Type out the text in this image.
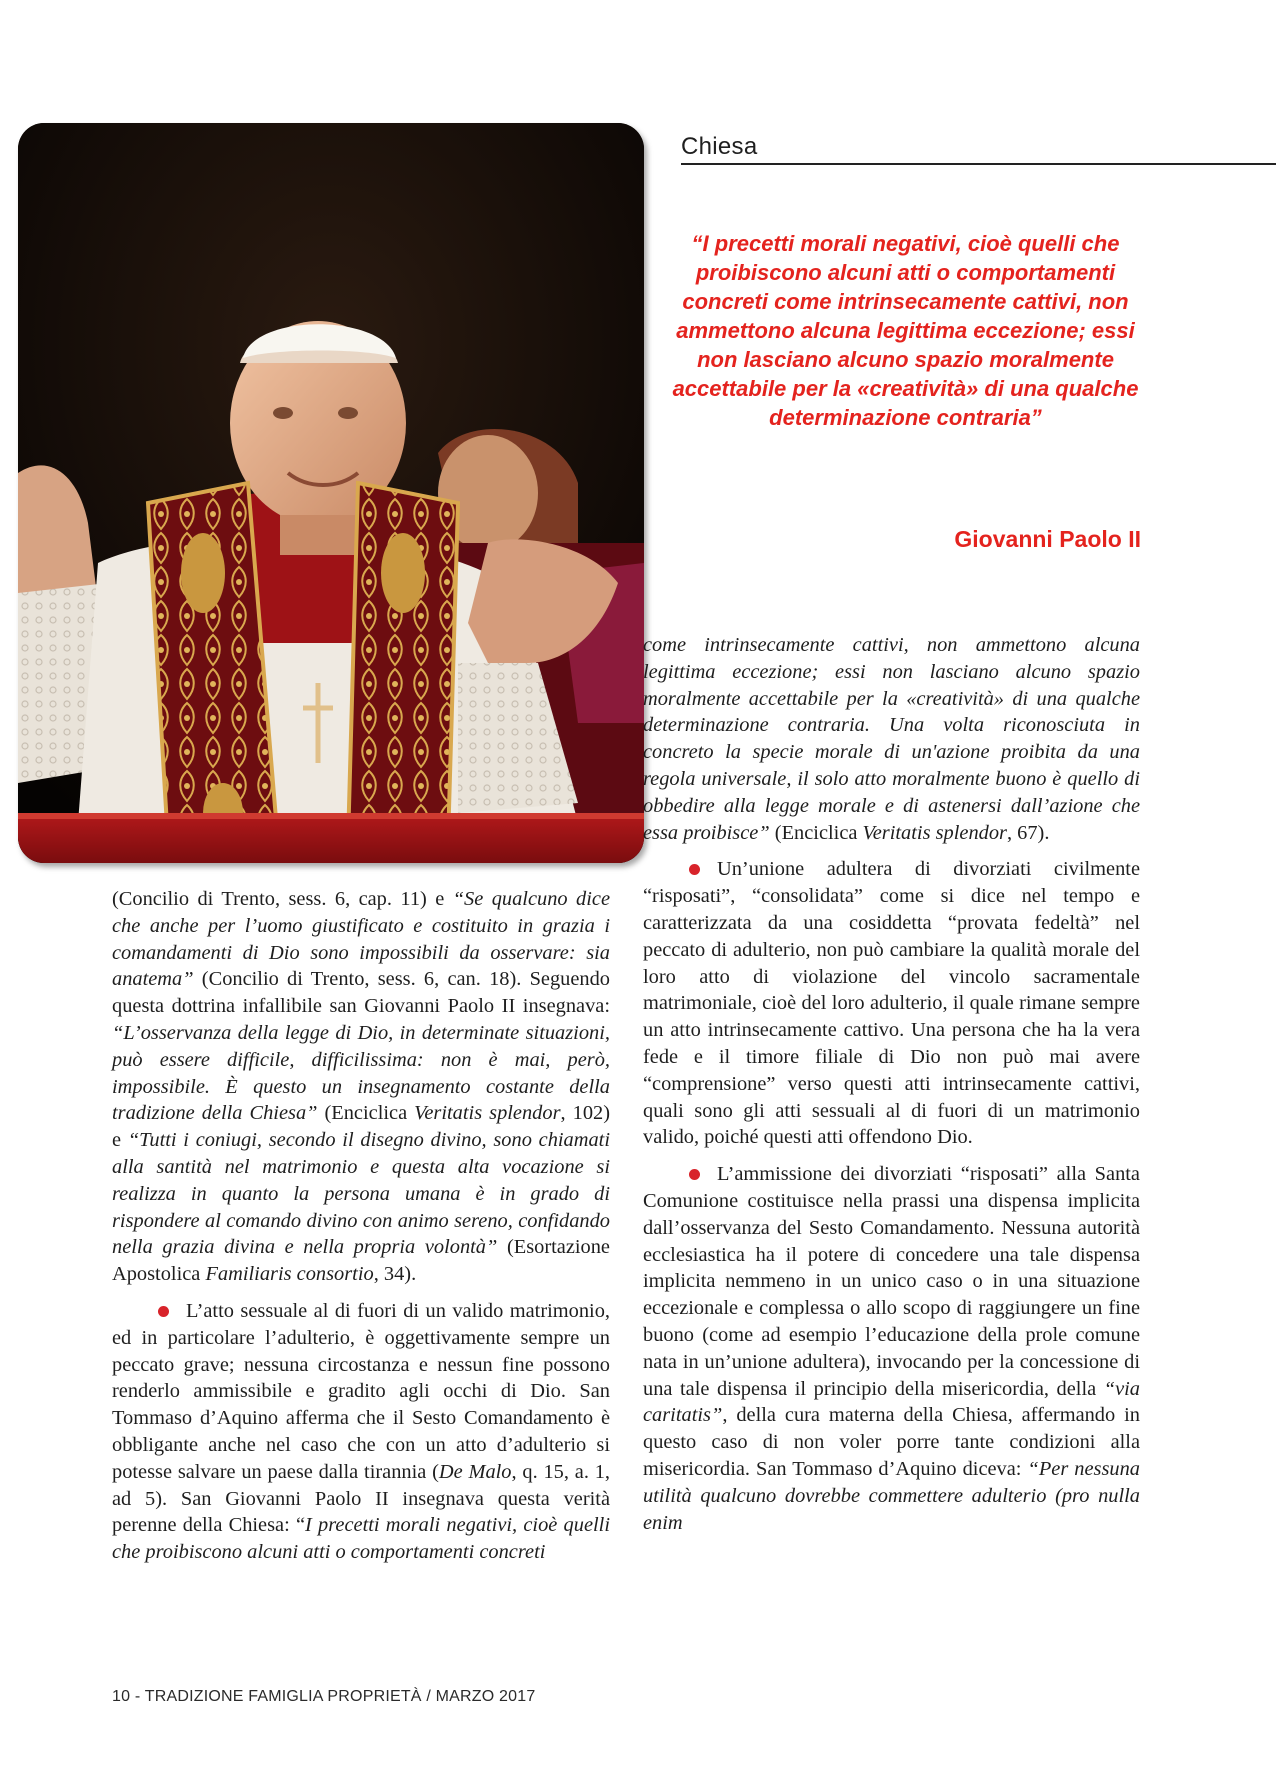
Chiesa

“I precetti morali negativi, cioè quelli che proibiscono alcuni atti o comportamenti concreti come intrinsecamente cattivi, non ammettono alcuna legittima eccezione; essi non lasciano alcuno spazio moralmente accettabile per la «creatività» di una qualche determinazione contraria”

Giovanni Paolo II

(Concilio di Trento, sess. 6, cap. 11) e “Se qualcuno dice che anche per l’uomo giustificato e costituito in grazia i comandamenti di Dio sono impossibili da osservare: sia anatema” (Concilio di Trento, sess. 6, can. 18). Seguendo questa dottrina infallibile san Giovanni Paolo II insegnava: “L’osservanza della legge di Dio, in determinate situazioni, può essere difficile, difficilissima: non è mai, però, impossibile. È questo un insegnamento costante della tradizione della Chiesa” (Enciclica Veritatis splendor, 102) e “Tutti i coniugi, secondo il disegno divino, sono chiamati alla santità nel matrimonio e questa alta vocazione si realizza in quanto la persona umana è in grado di rispondere al comando divino con animo sereno, confidando nella grazia divina e nella propria volontà” (Esortazione Apostolica Familiaris consortio, 34).

L’atto sessuale al di fuori di un valido matrimonio, ed in particolare l’adulterio, è oggettivamente sempre un peccato grave; nessuna circostanza e nessun fine possono renderlo ammissibile e gradito agli occhi di Dio. San Tommaso d’Aquino afferma che il Sesto Comandamento è obbligante anche nel caso che con un atto d’adulterio si potesse salvare un paese dalla tirannia (De Malo, q. 15, a. 1, ad 5). San Giovanni Paolo II insegnava questa verità perenne della Chiesa: “I precetti morali negativi, cioè quelli che proibiscono alcuni atti o comportamenti concreti

come intrinsecamente cattivi, non ammettono alcuna legittima eccezione; essi non lasciano alcuno spazio moralmente accettabile per la «creatività» di una qualche determinazione contraria. Una volta riconosciuta in concreto la specie morale di un'azione proibita da una regola universale, il solo atto moralmente buono è quello di obbedire alla legge morale e di astenersi dall’azione che essa proibisce” (Enciclica Veritatis splendor, 67).

Un’unione adultera di divorziati civilmente “risposati”, “consolidata” come si dice nel tempo e caratterizzata da una cosiddetta “provata fedeltà” nel peccato di adulterio, non può cambiare la qualità morale del loro atto di violazione del vincolo sacramentale matrimoniale, cioè del loro adulterio, il quale rimane sempre un atto intrinsecamente cattivo. Una persona che ha la vera fede e il timore filiale di Dio non può mai avere “comprensione” verso questi atti intrinsecamente cattivi, quali sono gli atti sessuali al di fuori di un matrimonio valido, poiché questi atti offendono Dio.

L’ammissione dei divorziati “risposati” alla Santa Comunione costituisce nella prassi una dispensa implicita dall’osservanza del Sesto Comandamento. Nessuna autorità ecclesiastica ha il potere di concedere una tale dispensa implicita nemmeno in un unico caso o in una situazione eccezionale e complessa o allo scopo di raggiungere un fine buono (come ad esempio l’educazione della prole comune nata in un’unione adultera), invocando per la concessione di una tale dispensa il principio della misericordia, della “via caritatis”, della cura materna della Chiesa, affermando in questo caso di non voler porre tante condizioni alla misericordia. San Tommaso d’Aquino diceva: “Per nessuna utilità qualcuno dovrebbe commettere adulterio (pro nulla enim

10 - TRADIZIONE FAMIGLIA PROPRIETÀ / MARZO 2017
